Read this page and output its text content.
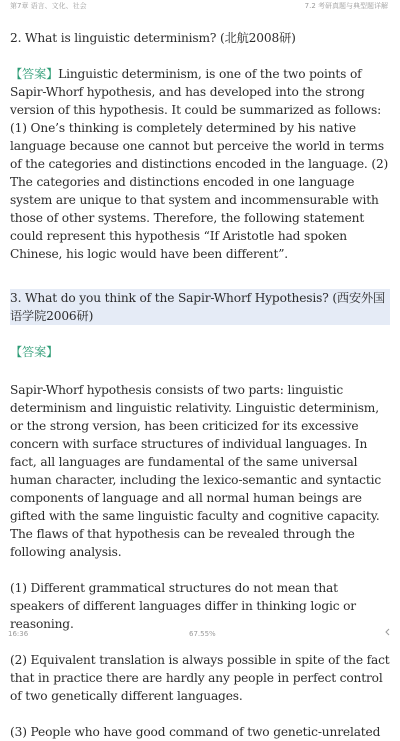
第7章 语言、文化、社会	7.2 考研真题与典型题详解

2. What is linguistic determinism? (北航2008研)

【答案】Linguistic determinism, is one of the two points of Sapir-Whorf hypothesis, and has developed into the strong version of this hypothesis. It could be summarized as follows: (1) One’s thinking is completely determined by his native language because one cannot but perceive the world in terms of the categories and distinctions encoded in the language. (2) The categories and distinctions encoded in one language system are unique to that system and incommensurable with those of other systems. Therefore, the following statement could represent this hypothesis “If Aristotle had spoken Chinese, his logic would have been different”.

3. What do you think of the Sapir-Whorf Hypothesis? (西安外国语学院2006研)

【答案】

Sapir-Whorf hypothesis consists of two parts: linguistic determinism and linguistic relativity. Linguistic determinism, or the strong version, has been criticized for its excessive concern with surface structures of individual languages. In fact, all languages are fundamental of the same universal human character, including the lexico-semantic and syntactic components of language and all normal human beings are gifted with the same linguistic faculty and cognitive capacity. The flaws of that hypothesis can be revealed through the following analysis.

(1) Different grammatical structures do not mean that speakers of different languages differ in thinking logic or reasoning.

(2) Equivalent translation is always possible in spite of the fact that in practice there are hardly any people in perfect control of two genetically different languages.

(3) People who have good command of two genetic-unrelated

16:36	67.55%
